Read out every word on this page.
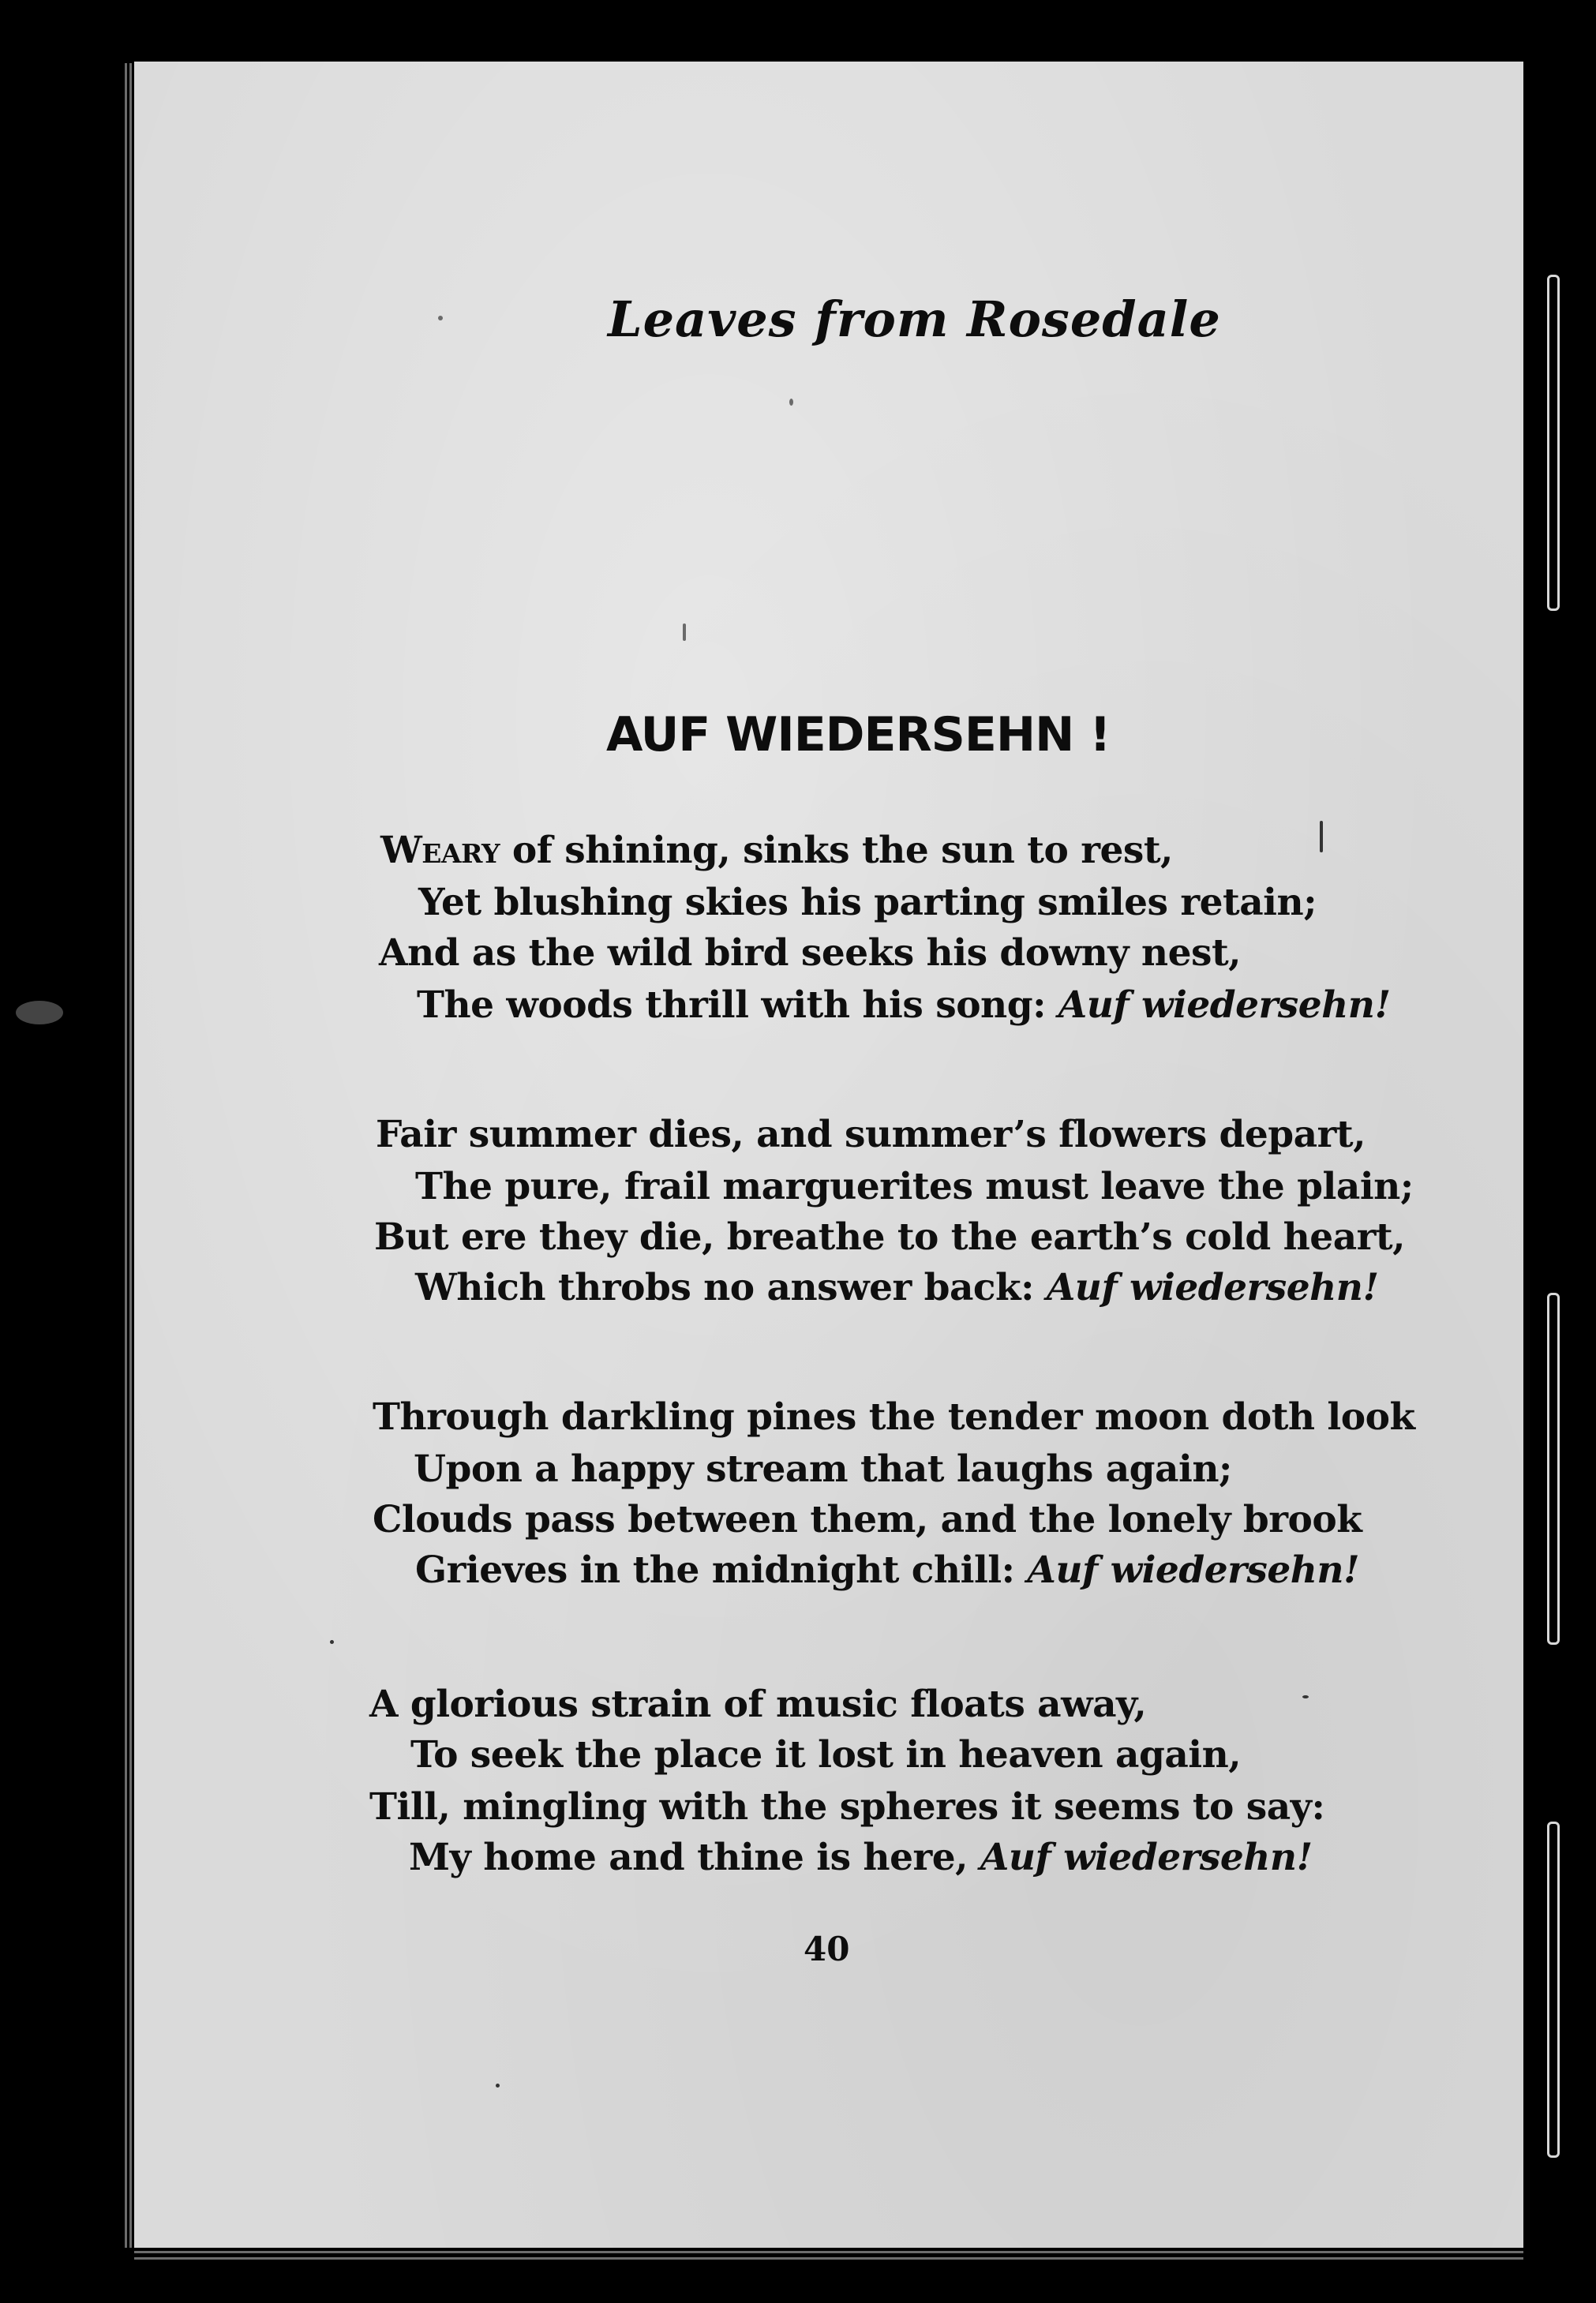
Leaves from Rosedale
AUF WIEDERSEHN !
Weary of shining, sinks the sun to rest,
Yet blushing skies his parting smiles retain;
And as the wild bird seeks his downy nest,
The woods thrill with his song: Auf wiedersehn!
Fair summer dies, and summer’s flowers depart,
The pure, frail marguerites must leave the plain;
But ere they die, breathe to the earth’s cold heart,
Which throbs no answer back: Auf wiedersehn!
Through darkling pines the tender moon doth look
Upon a happy stream that laughs again;
Clouds pass between them, and the lonely brook
Grieves in the midnight chill: Auf wiedersehn!
A glorious strain of music floats away,
To seek the place it lost in heaven again,
Till, mingling with the spheres it seems to say:
My home and thine is here, Auf wiedersehn!
40
